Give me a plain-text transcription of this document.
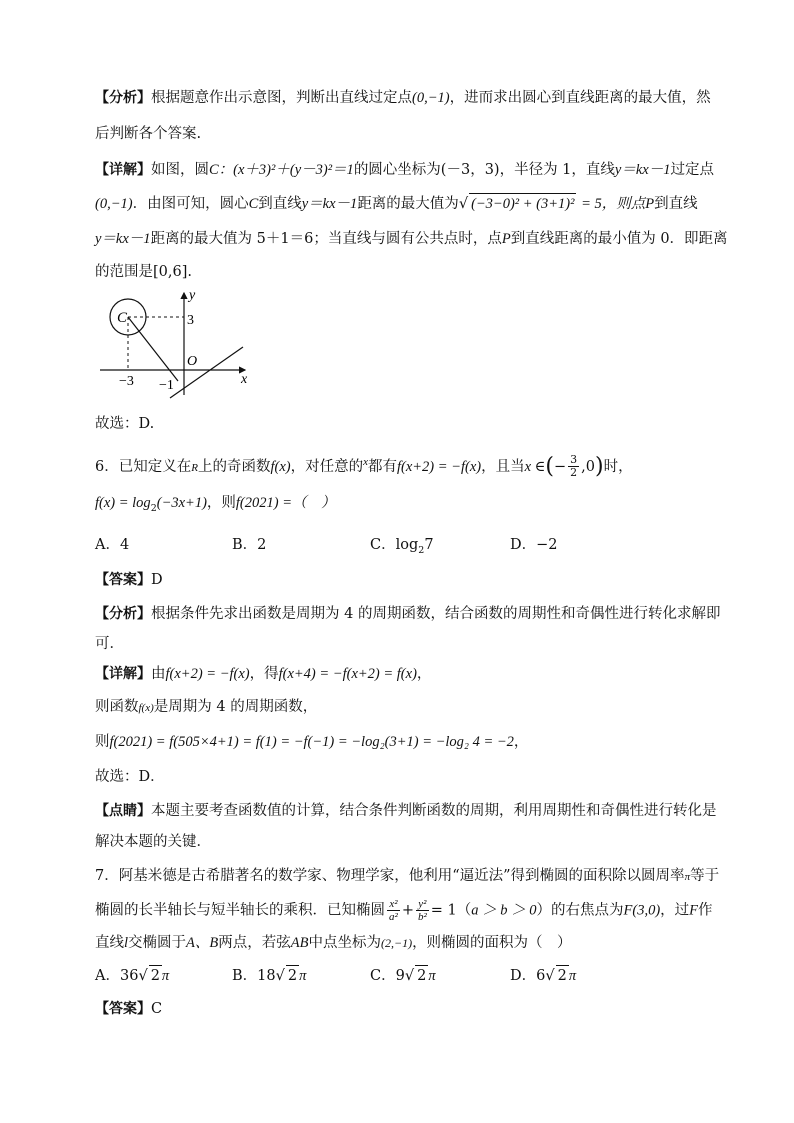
【分析】根据题意作出示意图，判断出直线过定点(0,−1)，进而求出圆心到直线距离的最大值，然
后判断各个答案.
【详解】如图，圆C：(x＋3)²＋(y－3)²＝1的圆心坐标为(－3，3)，半径为 1，直线y＝kx－1过定点
(0,−1)．由图可知，圆心C到直线y＝kx－1距离的最大值为√ (−3−0)² + (3+1)² = 5，则点P到直线
y＝kx－1距离的最大值为 5＋1＝6；当直线与圆有公共点时，点P到直线距离的最小值为 0．即距离
的范围是[0,6].
C
y
x
O
3
−3 −1
故选：D.
6．已知定义在R上的奇函数f(x)，对任意的$^x$都有f(x+2) = −f(x)，且当x ∈(− $\frac{3}{2} ,0$)时，
$f(x) = \log_2(-3x+1)$，则f(2021) =（　）
A．4	B．2	C．$\log_27$	D．−2
【答案】D
【分析】根据条件先求出函数是周期为 4 的周期函数，结合函数的周期性和奇偶性进行转化求解即
可．
【详解】由f(x+2) = −f(x)，得f(x+4) = −f(x+2) = f(x)，
则函数f(x)是周期为 4 的周期函数，
则f(2021) = f(505×4+1) = f(1) = −f(−1) = −log₂(3+1) = −log₂ 4 = −2，
故选：D．
【点睛】本题主要考查函数值的计算，结合条件判断函数的周期，利用周期性和奇偶性进行转化是
解决本题的关键．
7．阿基米德是古希腊著名的数学家、物理学家，他利用“逼近法”得到椭圆的面积除以圆周率π等于
椭圆的长半轴长与短半轴长的乘积．已知椭圆 $\frac{\text{x²}}{\text{a²}} + \frac{\text{y²}}{\text{b²}} = 1(a > b > 0)$的右焦点为F(3,0)，过F作
直线l交椭圆于A、B两点，若弦AB中点坐标为(2,−1)，则椭圆的面积为（　）
A．36√ 2 π	B．18√ 2 π	C．9√ 2 π	D．6√ 2 π
【答案】C
